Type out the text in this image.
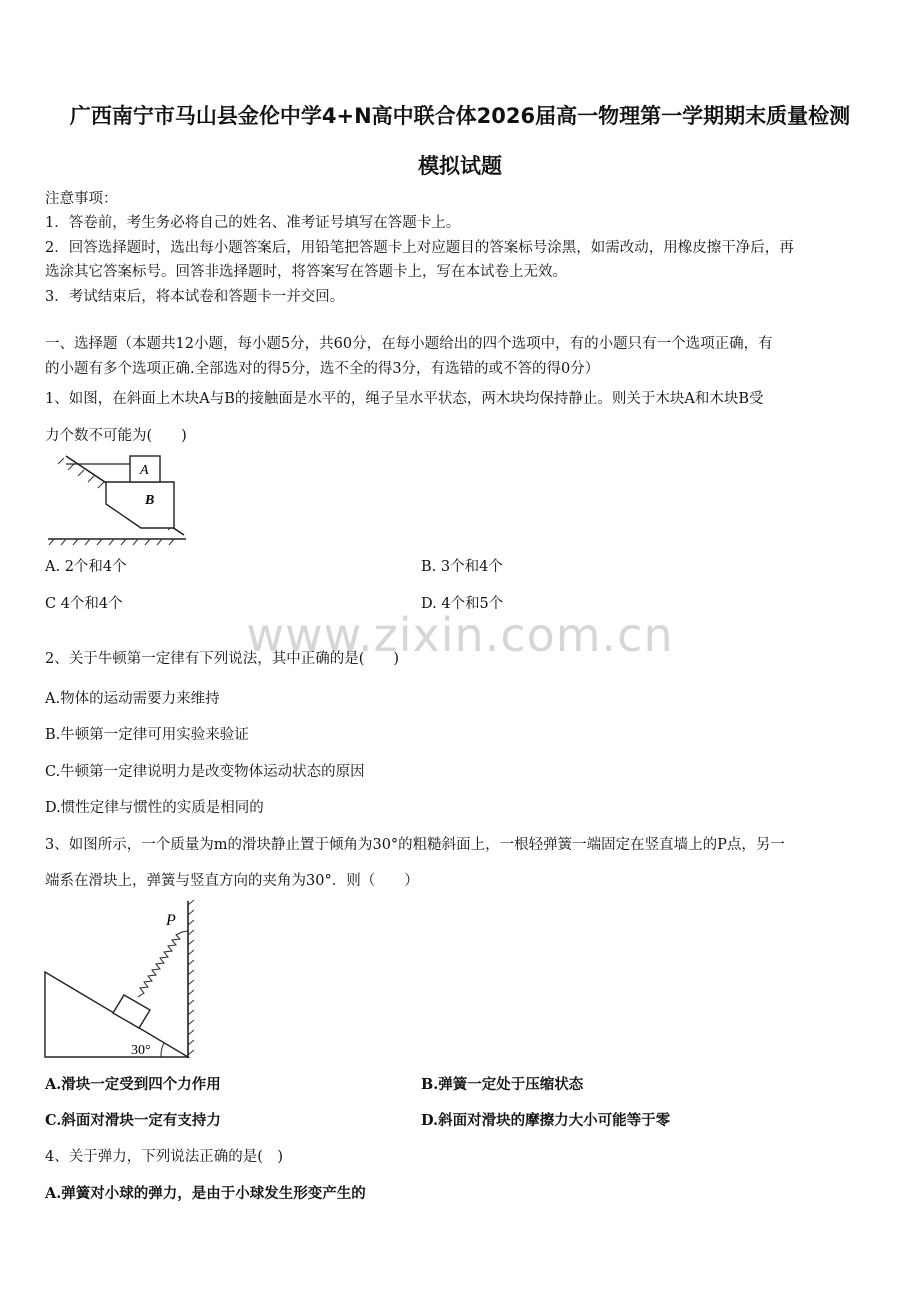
广西南宁市马山县金伦中学4+N高中联合体2026届高一物理第一学期期末质量检测
模拟试题
注意事项：
1．答卷前，考生务必将自己的姓名、准考证号填写在答题卡上。
2．回答选择题时，选出每小题答案后，用铅笔把答题卡上对应题目的答案标号涂黑，如需改动，用橡皮擦干净后，再
选涂其它答案标号。回答非选择题时，将答案写在答题卡上，写在本试卷上无效。
3．考试结束后，将本试卷和答题卡一并交回。
一、选择题（本题共12小题，每小题5分，共60分，在每小题给出的四个选项中，有的小题只有一个选项正确，有
的小题有多个选项正确.全部选对的得5分，选不全的得3分，有选错的或不答的得0分）
1、如图，在斜面上木块A与B的接触面是水平的，绳子呈水平状态，两木块均保持静止。则关于木块A和木块B受
力个数不可能为(　　)
A
B
A. 2个和4个	B. 3个和4个
C 4个和4个	D. 4个和5个
www.zixin.com.cn
2、关于牛顿第一定律有下列说法，其中正确的是(　　)
A.物体的运动需要力来维持
B.牛顿第一定律可用实验来验证
C.牛顿第一定律说明力是改变物体运动状态的原因
D.惯性定律与惯性的实质是相同的
3、如图所示，一个质量为m的滑块静止置于倾角为30°的粗糙斜面上，一根轻弹簧一端固定在竖直墙上的P点，另一
端系在滑块上，弹簧与竖直方向的夹角为30°．则（　　）
P
30°
A.滑块一定受到四个力作用	B.弹簧一定处于压缩状态
C.斜面对滑块一定有支持力	D.斜面对滑块的摩擦力大小可能等于零
4、关于弹力，下列说法正确的是(　)
A.弹簧对小球的弹力，是由于小球发生形变产生的
